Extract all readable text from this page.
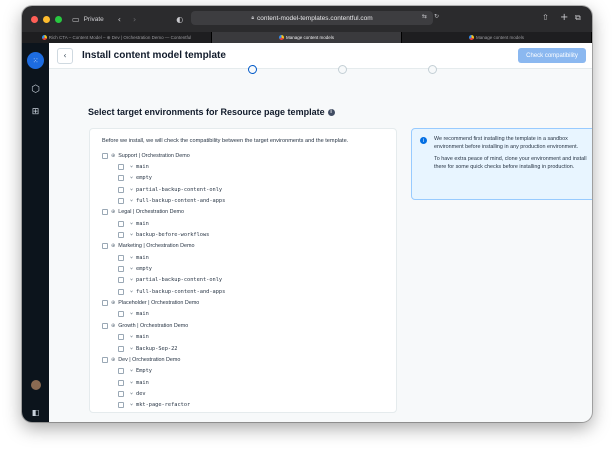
▭ Private ‹ ›	◐	🔒︎ content-model-templates.contentful.com	⇆ ↻	⇧ + ⧉
Rich CTA – Content Model – ⊕ Dev | Orchestration Demo — Contentful	Manage content models	Manage content models
⁙
⬡
⊞
◧
‹ Install content model template	Check compatibility
Select target environments for Resource page template	i
Before we install, we will check the compatibility between the target environments and the template.
⊕ Support | Orchestration Demo
⑂ main
⑂ empty
⑂ partial-backup-content-only
⑂ full-backup-content-and-apps
⊕ Legal | Orchestration Demo
⑂ main
⑂ backup-before-workflows
⊕ Marketing | Orchestration Demo
⑂ main
⑂ empty
⑂ partial-backup-content-only
⑂ full-backup-content-and-apps
⊕ Placeholder | Orchestration Demo
⑂ main
⊕ Growth | Orchestration Demo
⑂ main
⑂ Backup-Sep-22
⊕ Dev | Orchestration Demo
⑂ Empty
⑂ main
⑂ dev
⑂ mkt-page-refactor
i	We recommend first installing the template in a sandbox environment before installing in any production environment.

To have extra peace of mind, clone your environment and install there for some quick checks before installing in production.
